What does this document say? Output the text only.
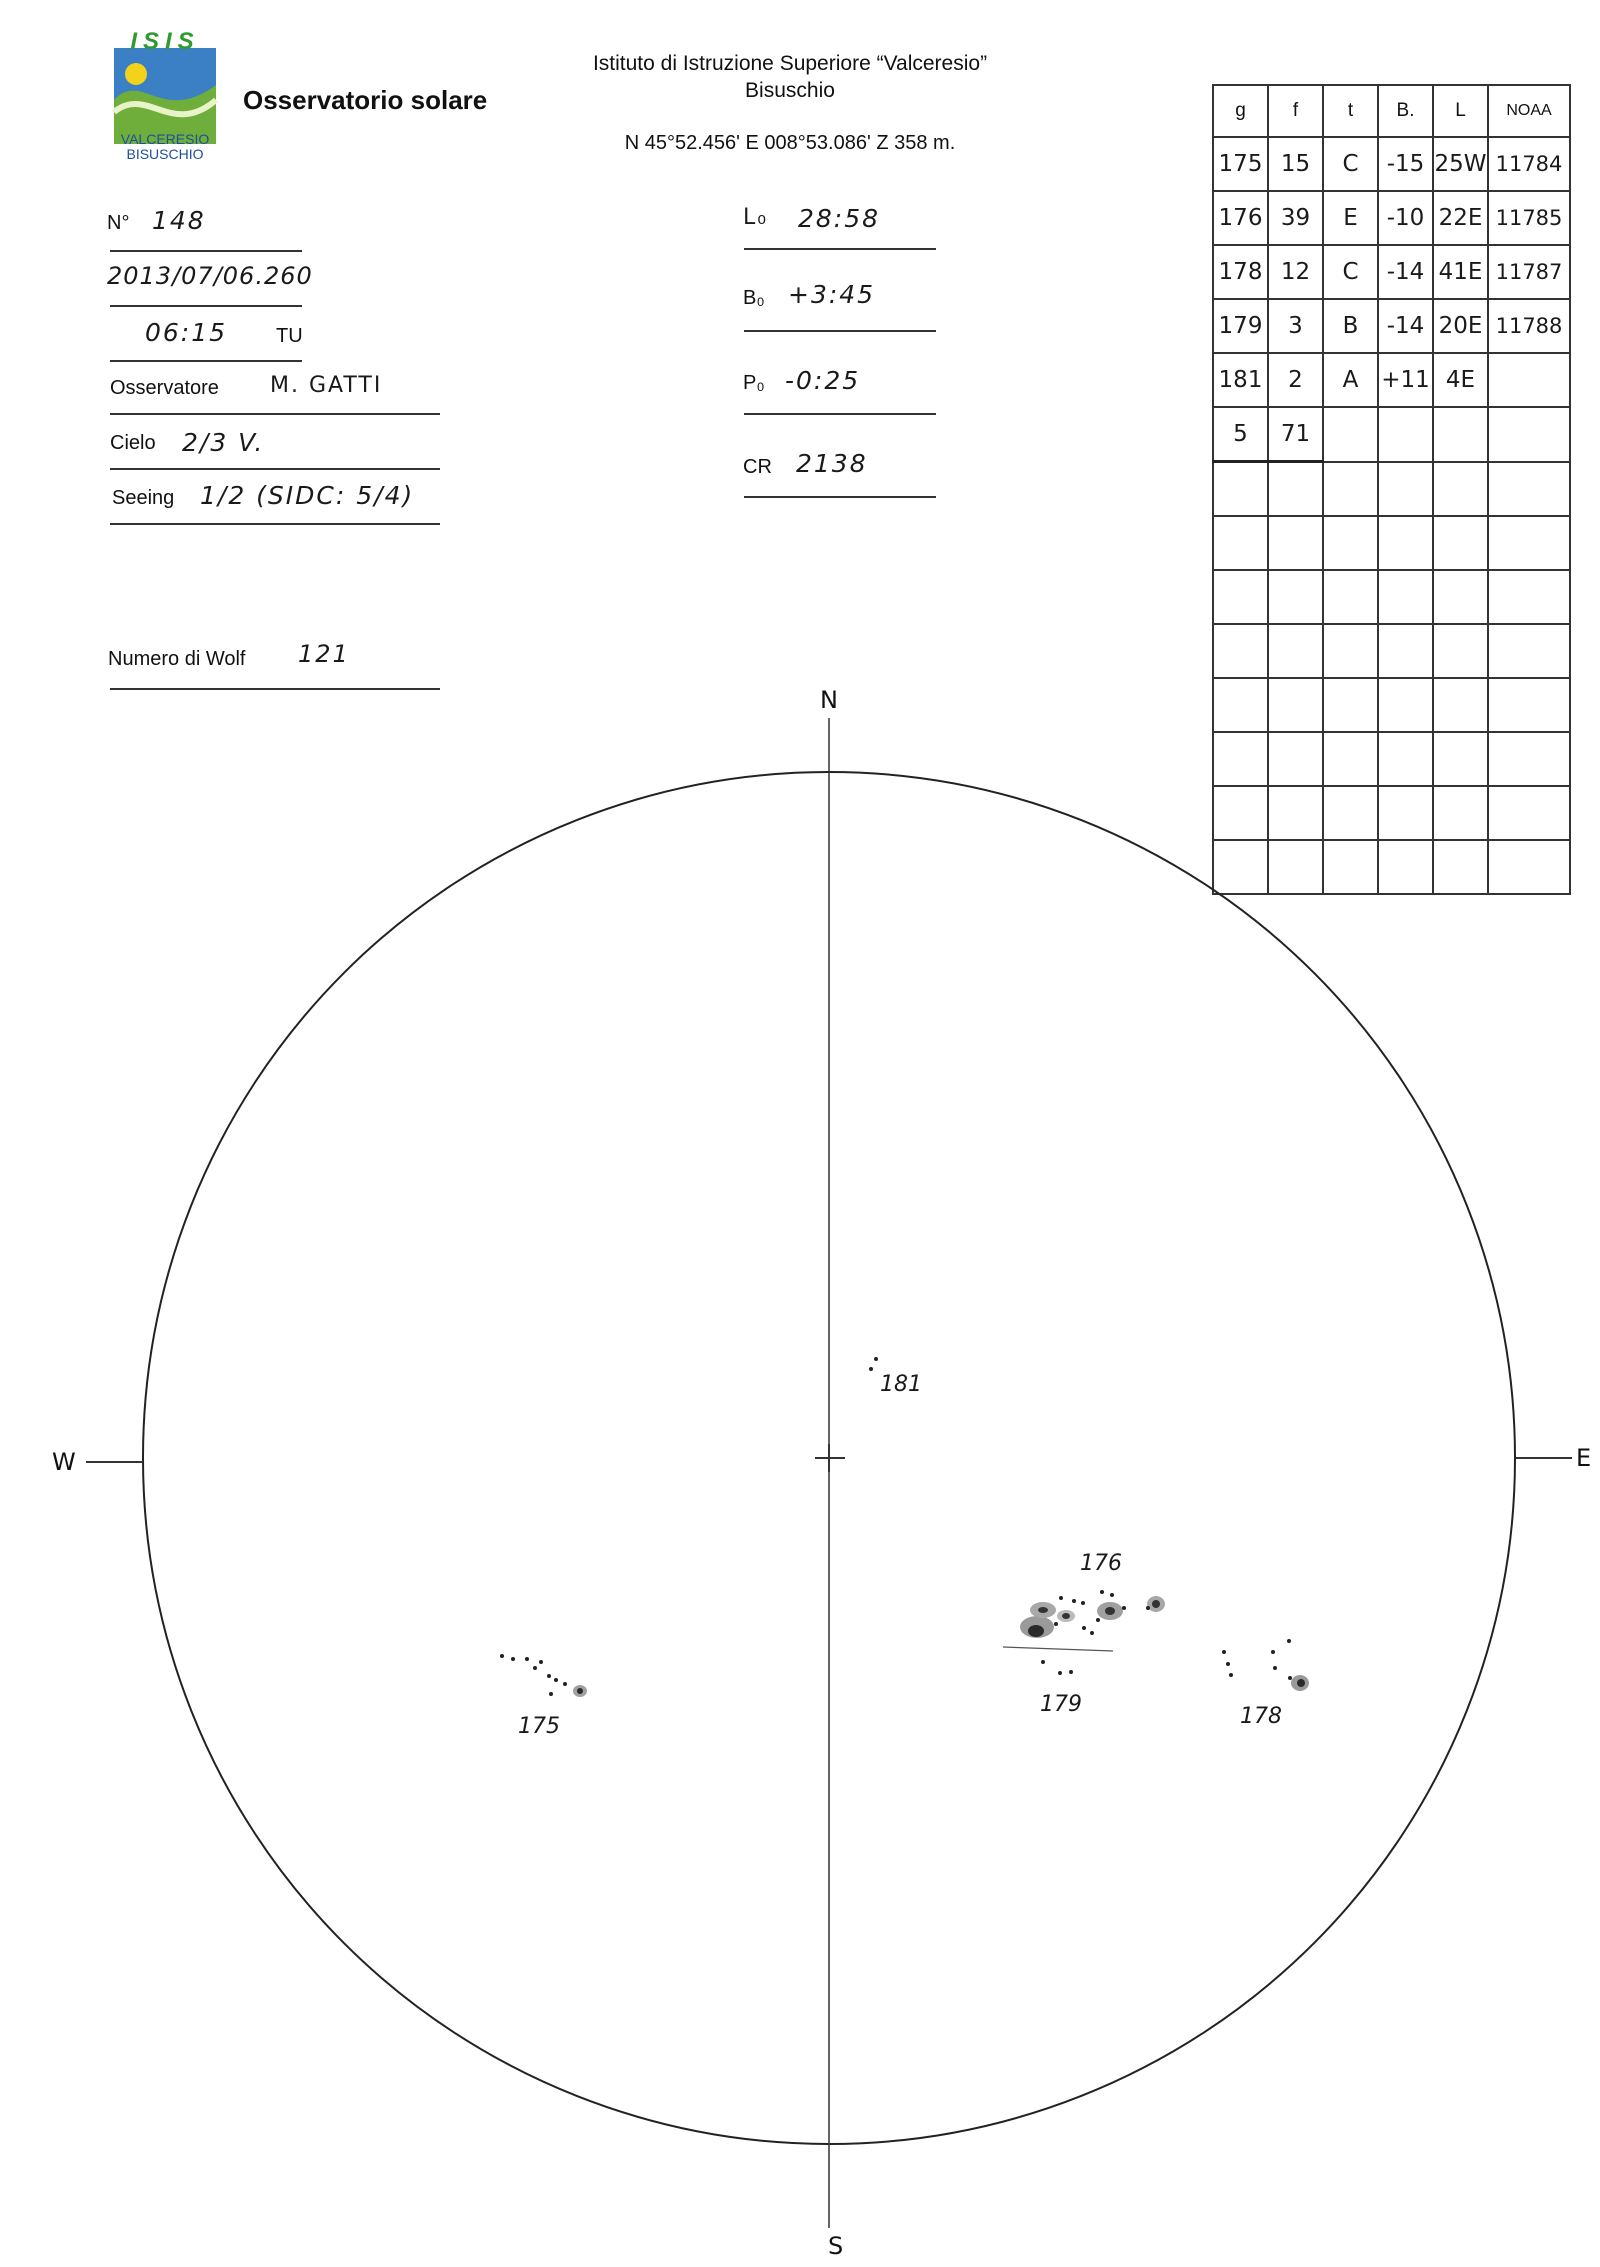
ISIS
VALCERESIO
BISUSCHIO
Osservatorio solare
Istituto di Istruzione Superiore “Valceresio”
Bisuschio
N 45°52.456' E 008°53.086' Z 358 m.
N° 148
2013/07/06.260
06:15 TU
Osservatore M. GATTI
Cielo 2/3 V.
Seeing 1/2 (SIDC: 5/4)
Numero di Wolf 121
L₀ 28:58
B₀ +3:45
P₀ -0:25
CR 2138
g	f	t	B.	L	NOAA
175	15	C	-15	25W	11784
176	39	E	-10	22E	11785
178	12	C	-14	41E	11787
179	3	B	-14	20E	11788
181	2	A	+11	4E	
5	71				

N
S
E
W
181
176
179	178
175
